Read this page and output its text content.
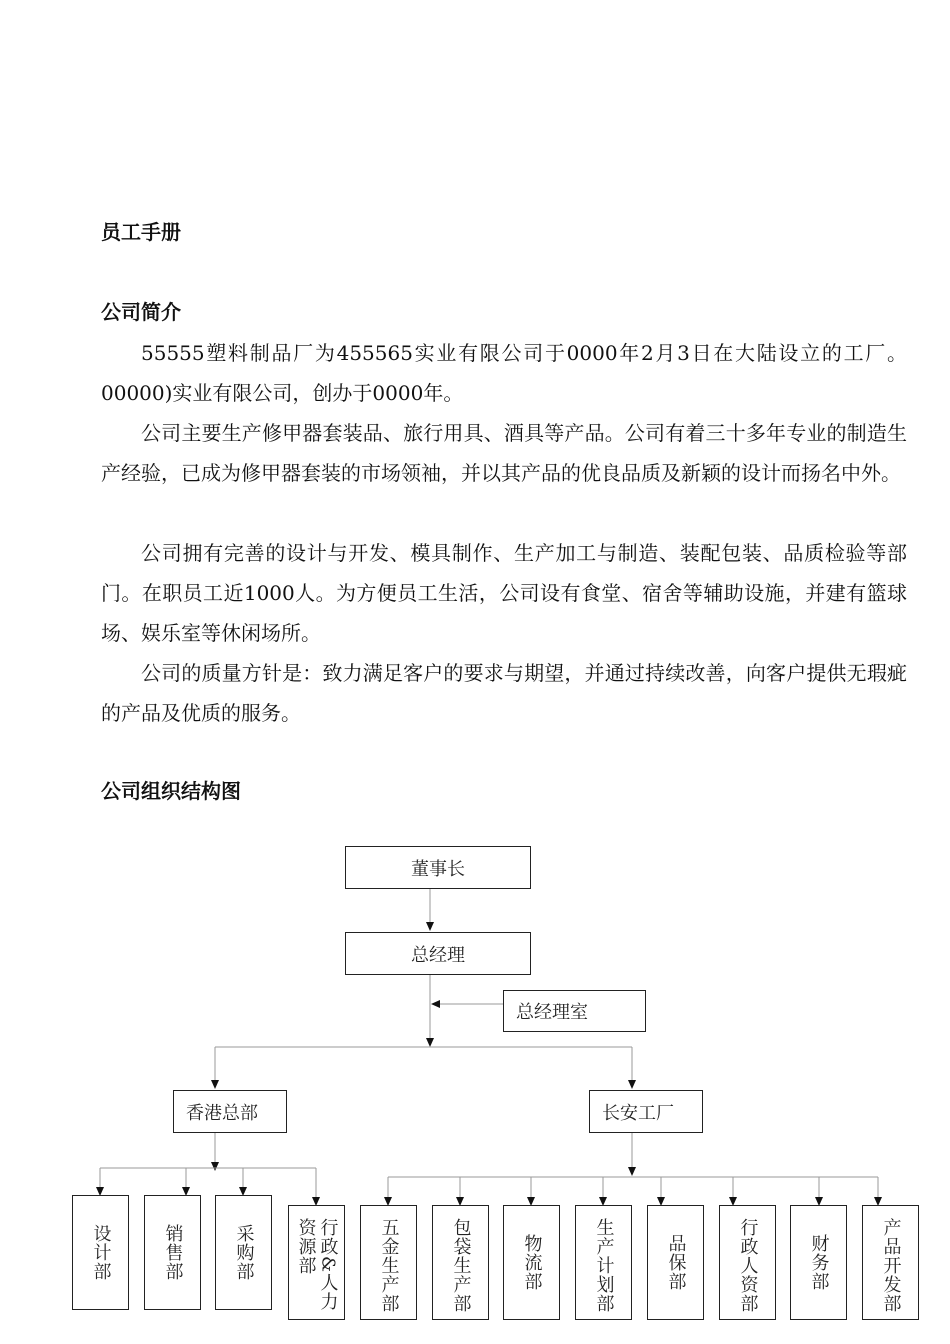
员工手册
公司简介

55555塑料制品厂为455565实业有限公司于0000年2月3日在大陆设立的工厂。00000)实业有限公司，创办于0000年。

公司主要生产修甲器套装品、旅行用具、酒具等产品。公司有着三十多年专业的制造生产经验，已成为修甲器套装的市场领袖，并以其产品的优良品质及新颖的设计而扬名中外。

公司拥有完善的设计与开发、模具制作、生产加工与制造、装配包装、品质检验等部门。在职员工近1000人。为方便员工生活，公司设有食堂、宿舍等辅助设施，并建有篮球场、娱乐室等休闲场所。

公司的质量方针是：致力满足客户的要求与期望，并通过持续改善，向客户提供无瑕疵的产品及优质的服务。

公司组织结构图
董事长
总经理
总经理室
香港总部	长安工厂
设计部	销售部	采购部	行政&人力资源部	五金生产部	包袋生产部	物流部	生产计划部	品保部	行政人资部	财务部	产品开发部
